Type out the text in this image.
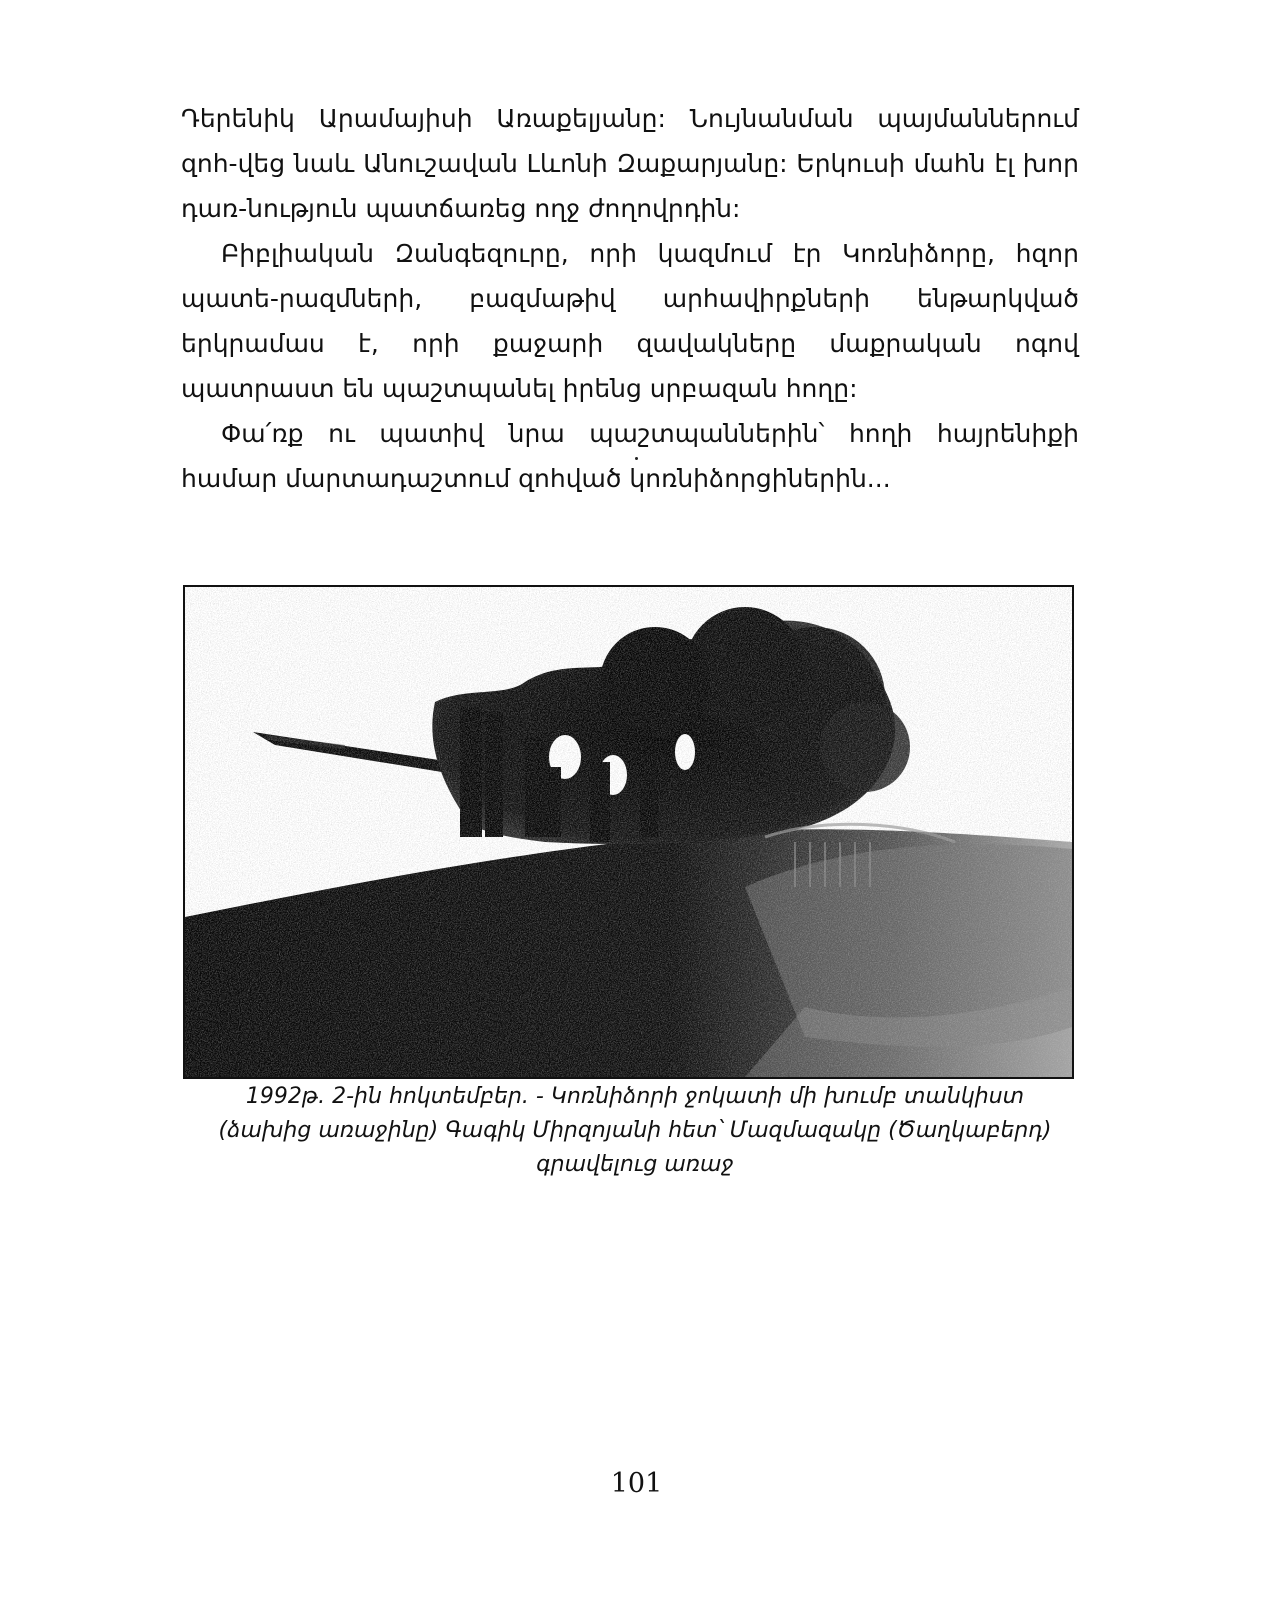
Դերենիկ Արամայիսի Առաքելյանը: Նույնանման պայմաններում զոհ-վեց նաև Անուշավան Լևոնի Զաքարյանը: Երկուսի մահն էլ խոր դառ-նություն պատճառեց ողջ ժողովրդին:

Բիբլիական Զանգեզուրը, որի կազմում էր Կոռնիձորը, հզոր պատե-րազմների, բազմաթիվ արհավիրքների ենթարկված երկրամաս է, որի քաջարի զավակները մաքրական ոգով պատրաստ են պաշտպանել իրենց սրբազան հողը:

Փա՛ռք ու պատիվ նրա պաշտպաններին՝ հողի հայրենիքի համար մարտադաշտում զոհված կոռնիձորցիներին...

1992թ. 2-ին հոկտեմբեր. - Կոռնիձորի ջոկատի մի խումբ տանկիստ
(ձախից առաջինը) Գագիկ Միրզոյանի հետ՝ Մազմազակը (Ծաղկաբերդ)
գրավելուց առաջ
101
